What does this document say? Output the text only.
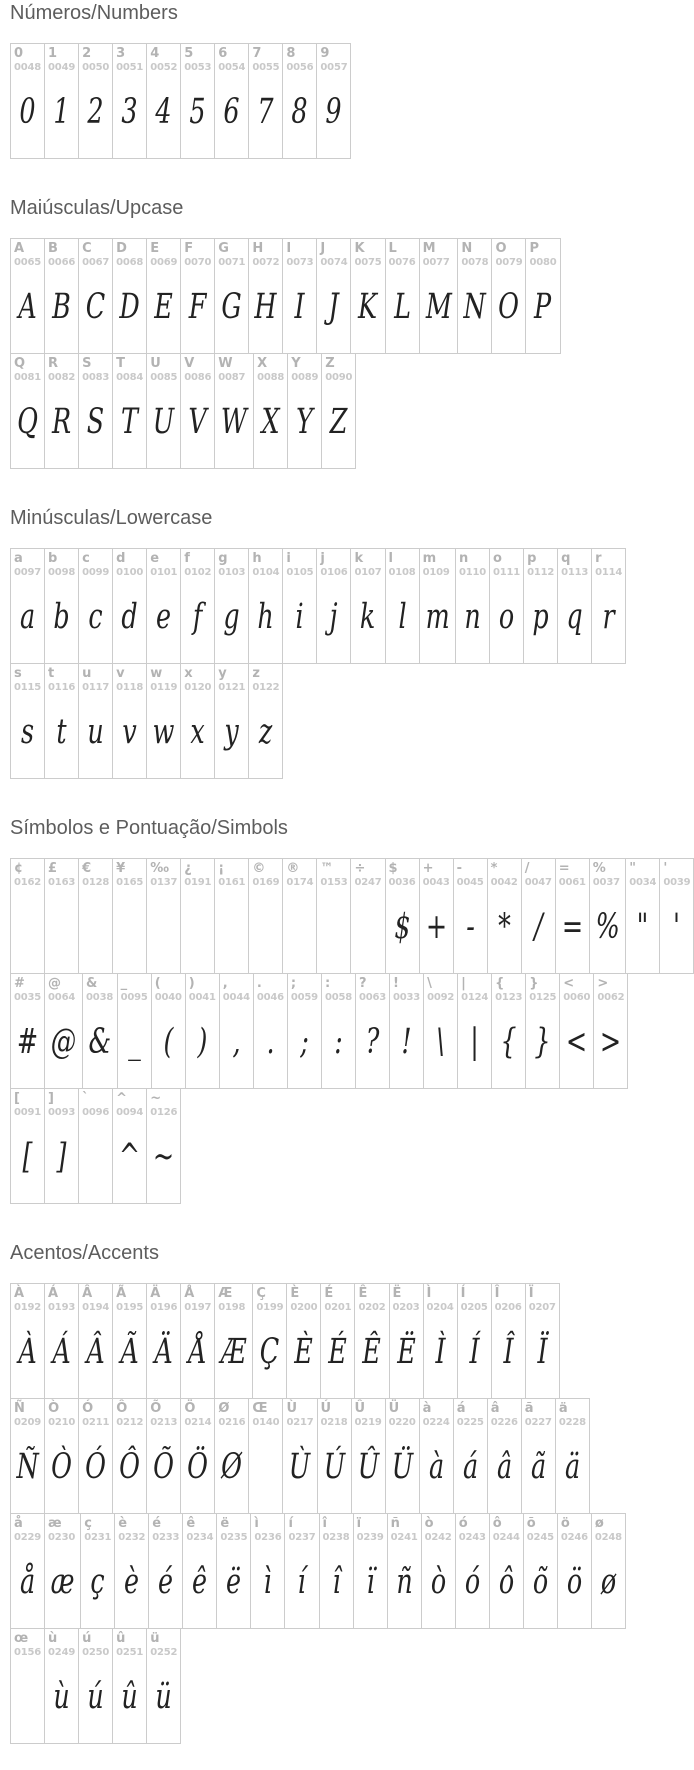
Números/Numbers
0
0048
0

1
0049
1

2
0050
2

3
0051
3

4
0052
4

5
0053
5

6
0054
6

7
0055
7

8
0056
8

9
0057
9
Maiúsculas/Upcase
A
0065
A

B
0066
B

C
0067
C

D
0068
D

E
0069
E

F
0070
F

G
0071
G

H
0072
H

I
0073
I

J
0074
J

K
0075
K

L
0076
L

M
0077
M

N
0078
N

O
0079
O

P
0080
P
Q
0081
Q

R
0082
R

S
0083
S

T
0084
T

U
0085
U

V
0086
V

W
0087
W

X
0088
X

Y
0089
Y

Z
0090
Z
Minúsculas/Lowercase
a
0097
a

b
0098
b

c
0099
c

d
0100
d

e
0101
e

f
0102
f

g
0103
g

h
0104
h

i
0105
i

j
0106
j

k
0107
k

l
0108
l

m
0109
m

n
0110
n

o
0111
o

p
0112
p

q
0113
q

r
0114
r
s
0115
s

t
0116
t

u
0117
u

v
0118
v

w
0119
w

x
0120
x

y
0121
y

z
0122
z
Símbolos e Pontuação/Simbols
¢
0162

£
0163

€
0128

¥
0165

‰
0137

¿
0191

¡
0161

©
0169

®
0174

™
0153

÷
0247

$
0036
$

+
0043
+

-
0045
-

*
0042
*

/
0047
/

=
0061
=

%
0037
%

"
0034
"

'
0039
'
#
0035
#

@
0064
@

&
0038
&

_
0095
_

(
0040
(

)
0041
)

,
0044
,

.
0046
.

;
0059
;

:
0058
:

?
0063
?

!
0033
!

\
0092
\

|
0124
|

{
0123
{

}
0125
}

<
0060
<

>
0062
>
[
0091
[

]
0093
]

`
0096

^
0094
^

~
0126
~
Acentos/Accents
À
0192
À

Á
0193
Á

Â
0194
Â

Ã
0195
Ã

Ä
0196
Ä

Å
0197
Å

Æ
0198
Æ

Ç
0199
Ç

È
0200
È

É
0201
É

Ê
0202
Ê

Ë
0203
Ë

Ì
0204
Ì

Í
0205
Í

Î
0206
Î

Ï
0207
Ï
Ñ
0209
Ñ

Ò
0210
Ò

Ó
0211
Ó

Ô
0212
Ô

Õ
0213
Õ

Ö
0214
Ö

Ø
0216
Ø

Œ
0140

Ù
0217
Ù

Ú
0218
Ú

Û
0219
Û

Ü
0220
Ü

à
0224
à

á
0225
á

â
0226
â

ã
0227
ã

ä
0228
ä
å
0229
å

æ
0230
æ

ç
0231
ç

è
0232
è

é
0233
é

ê
0234
ê

ë
0235
ë

ì
0236
ì

í
0237
í

î
0238
î

ï
0239
ï

ñ
0241
ñ

ò
0242
ò

ó
0243
ó

ô
0244
ô

õ
0245
õ

ö
0246
ö

ø
0248
ø
œ
0156

ù
0249
ù

ú
0250
ú

û
0251
û

ü
0252
ü
